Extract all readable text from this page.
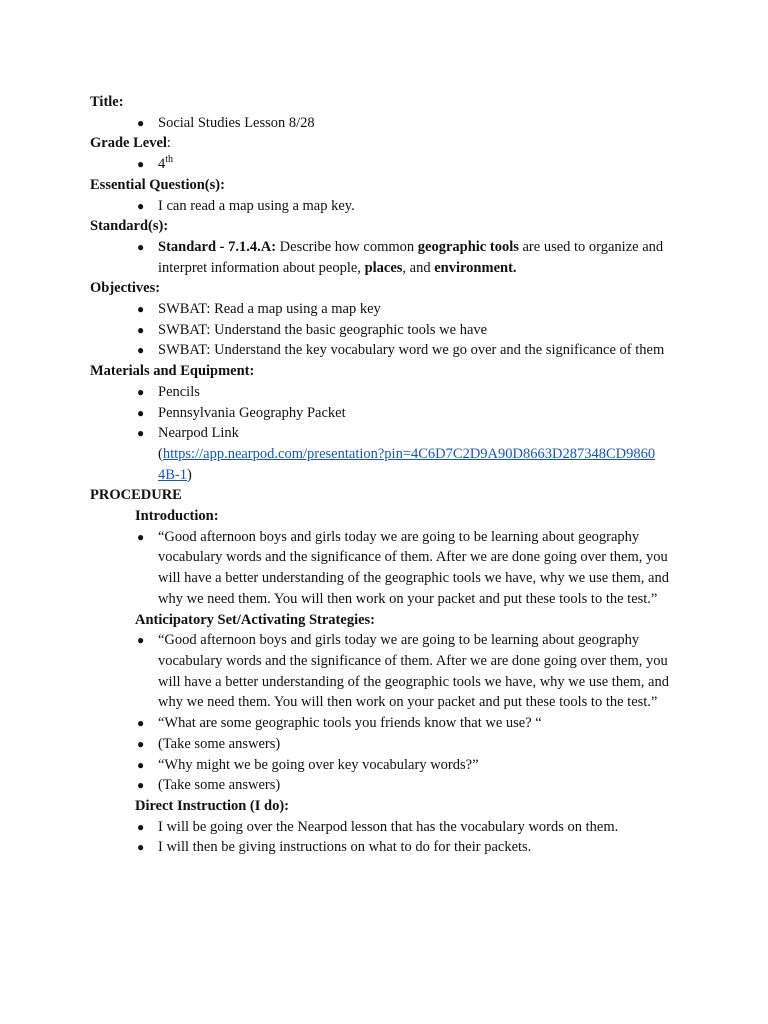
Title:

● Social Studies Lesson 8/28

Grade Level:

● 4th

Essential Question(s):

● I can read a map using a map key.

Standard(s):

● Standard - 7.1.4.A: Describe how common geographic tools are used to organize and interpret information about people, places, and environment.

Objectives:

● SWBAT: Read a map using a map key
● SWBAT: Understand the basic geographic tools we have
● SWBAT: Understand the key vocabulary word we go over and the significance of them

Materials and Equipment:

● Pencils
● Pennsylvania Geography Packet
● Nearpod Link
(https://app.nearpod.com/presentation?pin=4C6D7C2D9A90D8663D287348CD9860
4B-1)

PROCEDURE

Introduction:

● “Good afternoon boys and girls today we are going to be learning about geography vocabulary words and the significance of them. After we are done going over them, you will have a better understanding of the geographic tools we have, why we use them, and why we need them. You will then work on your packet and put these tools to the test.”

Anticipatory Set/Activating Strategies:

● “Good afternoon boys and girls today we are going to be learning about geography vocabulary words and the significance of them. After we are done going over them, you will have a better understanding of the geographic tools we have, why we use them, and why we need them. You will then work on your packet and put these tools to the test.”
● “What are some geographic tools you friends know that we use? “
● (Take some answers)
● “Why might we be going over key vocabulary words?”
● (Take some answers)

Direct Instruction (I do):

● I will be going over the Nearpod lesson that has the vocabulary words on them.
● I will then be giving instructions on what to do for their packets.
